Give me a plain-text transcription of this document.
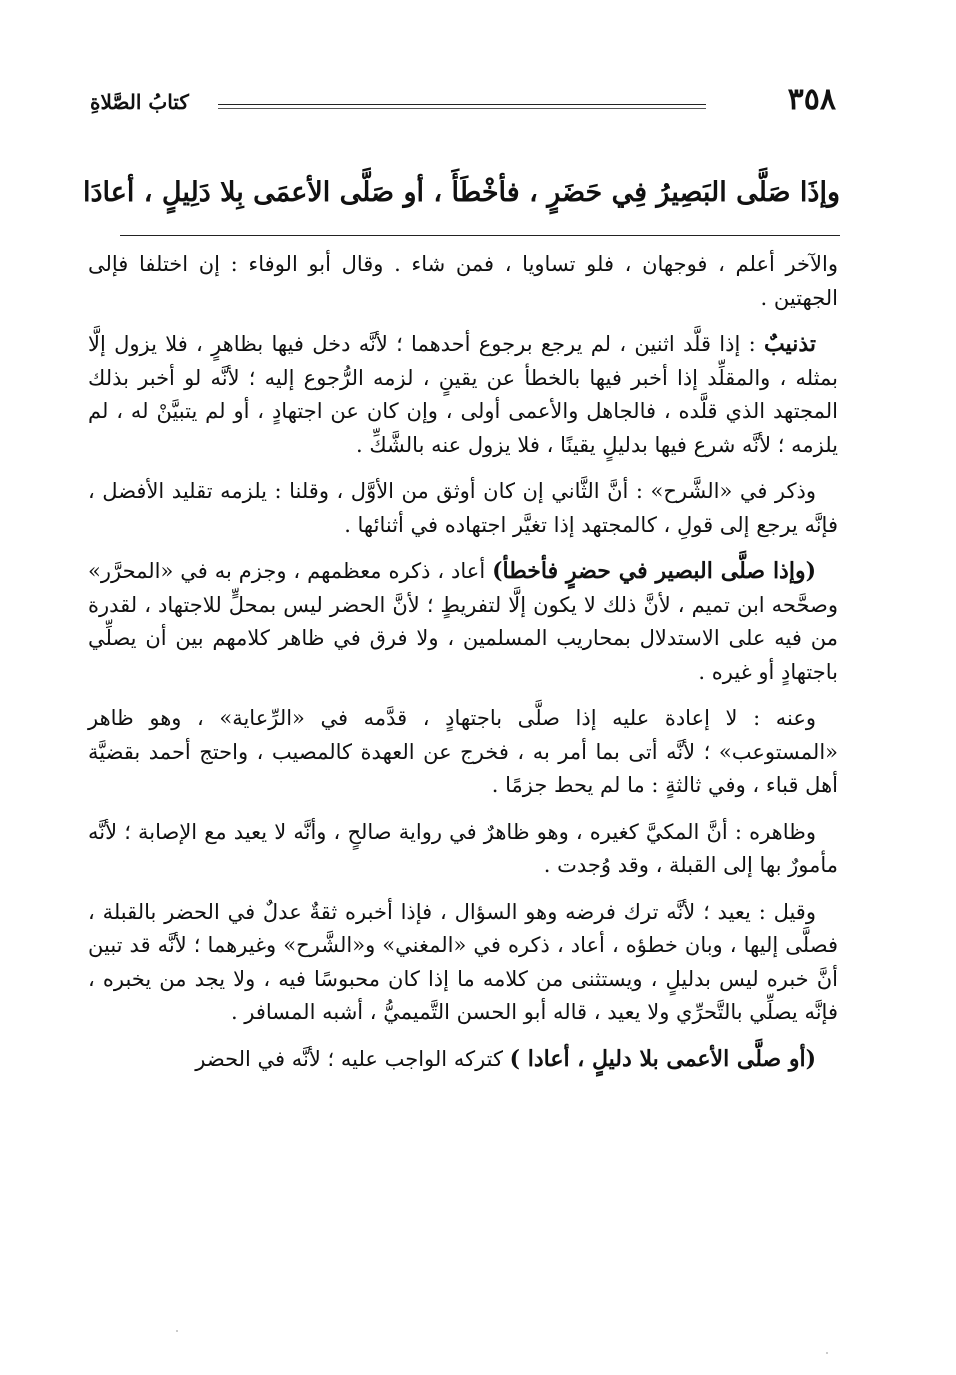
٣٥٨
كتابُ الصَّلاةِ
وإذَا صَلَّى البَصِيرُ فِي حَضَرٍ ، فأخْطَأَ ، أو صَلَّى الأعمَى بِلا دَلِيلٍ ، أعادَا

والآخر أعلم ، فوجهان ، فلو تساويا ، فمن شاء . وقال أبو الوفاء : إن اختلفا فإلى الجهتين .

تذنيبٌ : إذا قلَّد اثنين ، لم يرجع برجوع أحدهما ؛ لأنَّه دخل فيها بظاهرٍ ، فلا يزول إلَّا بمثله ، والمقلِّد إذا أخبر فيها بالخطأ عن يقينٍ ، لزمه الرُّجوع إليه ؛ لأنَّه لو أخبر بذلك المجتهد الذي قلَّده ، فالجاهل والأعمى أولى ، وإن كان عن اجتهادٍ ، أو لم يتبيَّنْ له ، لم يلزمه ؛ لأنَّه شرع فيها بدليلٍ يقينًا ، فلا يزول عنه بالشَّكِّ .

وذكر في «الشَّرح» : أنَّ الثَّاني إن كان أوثق من الأوَّل ، وقلنا : يلزمه تقليد الأفضل ، فإنَّه يرجع إلى قولِ ، كالمجتهد إذا تغيَّر اجتهاده في أثنائها .

(وإذا صلَّى البصير في حضرٍ فأخطأ) أعاد ، ذكره معظمهم ، وجزم به في «المحرَّر» وصحَّحه ابن تميم ، لأنَّ ذلك لا يكون إلَّا لتفريطٍ ؛ لأنَّ الحضر ليس بمحلٍّ للاجتهاد ، لقدرة من فيه على الاستدلال بمحاريب المسلمين ، ولا فرق في ظاهر كلامهم بين أن يصلِّي باجتهادٍ أو غيره .

وعنه : لا إعادة عليه إذا صلَّى باجتهادٍ ، قدَّمه في «الرِّعاية» ، وهو ظاهر «المستوعب» ؛ لأنَّه أتى بما أمر به ، فخرج عن العهدة كالمصيب ، واحتج أحمد بقضيَّة أهل قباء ، وفي ثالثةٍ : ما لم يحط جزمًا .

وظاهره : أنَّ المكيَّ كغيره ، وهو ظاهرٌ في رواية صالحٍ ، وأنَّه لا يعيد مع الإصابة ؛ لأنَّه مأمورٌ بها إلى القبلة ، وقد وُجدت .

وقيل : يعيد ؛ لأنَّه ترك فرضه وهو السؤال ، فإذا أخبره ثقةٌ عدلٌ في الحضر بالقبلة ، فصلَّى إليها ، وبان خطؤه ، أعاد ، ذكره في «المغني» و«الشَّرح» وغيرهما ؛ لأنَّه قد تبين أنَّ خبره ليس بدليلٍ ، ويستثنى من كلامه ما إذا كان محبوسًا فيه ، ولا يجد من يخبره ، فإنَّه يصلِّي بالتَّحرِّي ولا يعيد ، قاله أبو الحسن التَّميميُّ ، أشبه المسافر .

(أو صلَّى الأعمى بلا دليلٍ ، أعادا ) كتركه الواجب عليه ؛ لأنَّه في الحضر
